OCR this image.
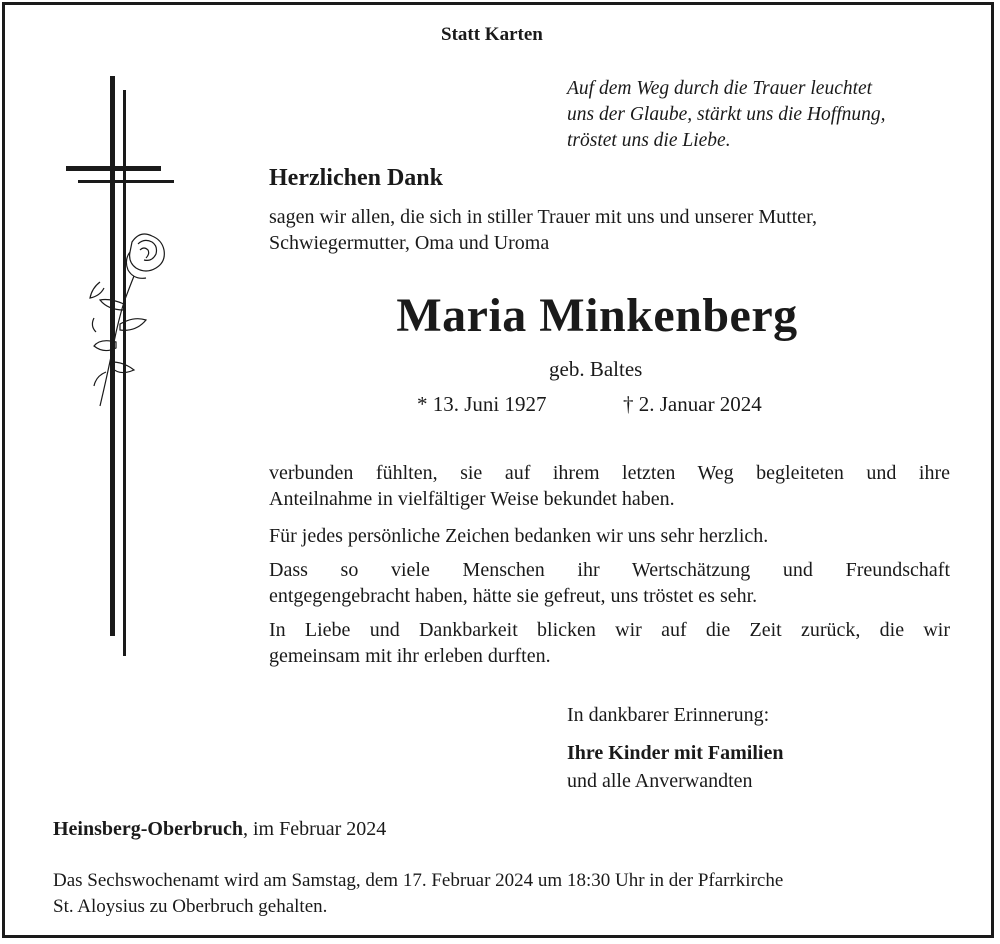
Statt Karten
Auf dem Weg durch die Trauer leuchtet
uns der Glaube, stärkt uns die Hoffnung,
tröstet uns die Liebe.
Herzlichen Dank
sagen wir allen, die sich in stiller Trauer mit uns und unserer Mutter,
Schwiegermutter, Oma und Uroma
Maria Minkenberg
geb. Baltes
* 13. Juni 1927	† 2. Januar 2024
verbunden fühlten, sie auf ihrem letzten Weg begleiteten und ihre
Anteilnahme in vielfältiger Weise bekundet haben.
Für jedes persönliche Zeichen bedanken wir uns sehr herzlich.
Dass so viele Menschen ihr Wertschätzung und Freundschaft
entgegengebracht haben, hätte sie gefreut, uns tröstet es sehr.
In Liebe und Dankbarkeit blicken wir auf die Zeit zurück, die wir
gemeinsam mit ihr erleben durften.
In dankbarer Erinnerung:
Ihre Kinder mit Familien
und alle Anverwandten
Heinsberg-Oberbruch, im Februar 2024
Das Sechswochenamt wird am Samstag, dem 17. Februar 2024 um 18:30 Uhr in der Pfarrkirche
St. Aloysius zu Oberbruch gehalten.
